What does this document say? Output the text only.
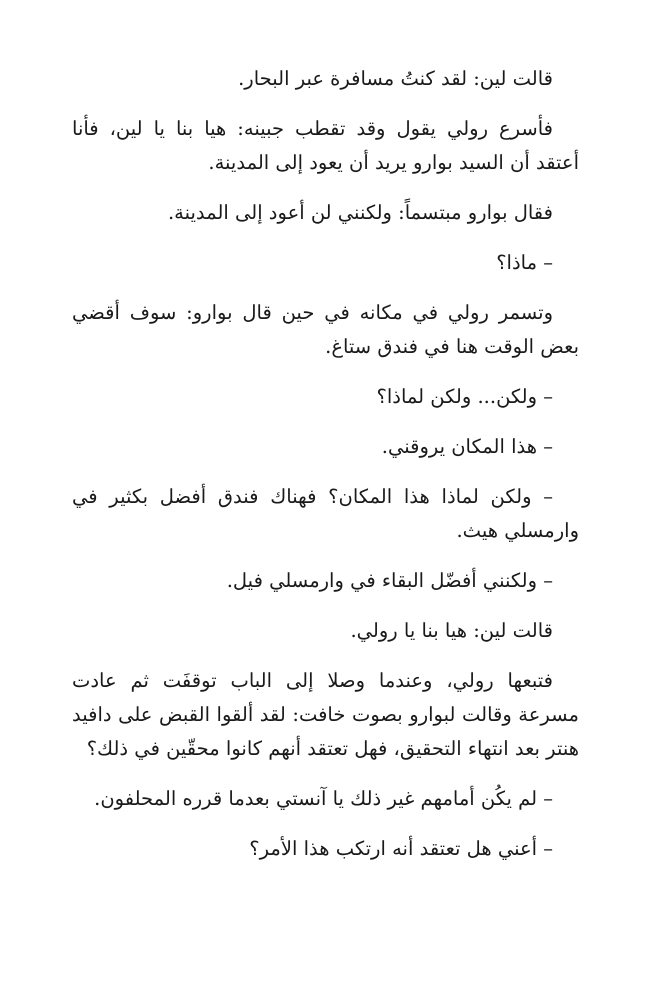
قالت لين: لقد كنتُ مسافرة عبر البحار.

فأسرع رولي يقول وقد تقطب جبينه: هيا بنا يا لين، فأنا أعتقد أن السيد بوارو يريد أن يعود إلى المدينة.

فقال بوارو مبتسماً: ولكنني لن أعود إلى المدينة.

– ماذا؟

وتسمر رولي في مكانه في حين قال بوارو: سوف أقضي بعض الوقت هنا في فندق ستاغ.

– ولكن... ولكن لماذا؟

– هذا المكان يروقني.

– ولكن لماذا هذا المكان؟ فهناك فندق أفضل بكثير في وارمسلي هيث.

– ولكنني أفضّل البقاء في وارمسلي فيل.

قالت لين: هيا بنا يا رولي.

فتبعها رولي، وعندما وصلا إلى الباب توقفَت ثم عادت مسرعة وقالت لبوارو بصوت خافت: لقد ألقوا القبض على دافيد هنتر بعد انتهاء التحقيق، فهل تعتقد أنهم كانوا محقّين في ذلك؟

– لم يكُن أمامهم غير ذلك يا آنستي بعدما قرره المحلفون.

– أعني هل تعتقد أنه ارتكب هذا الأمر؟
